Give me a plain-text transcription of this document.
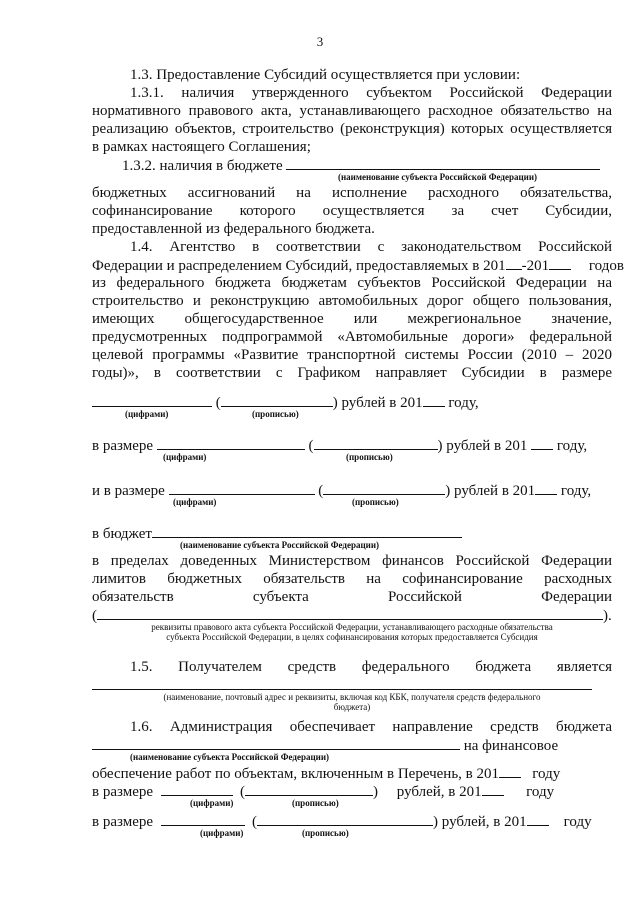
3
1.3. Предоставление Субсидий осуществляется при условии:
1.3.1. наличия утвержденного субъектом Российской Федерации
нормативного правового акта, устанавливающего расходное обязательство на
реализацию объектов, строительство (реконструкция) которых осуществляется
в рамках настоящего Соглашения;
1.3.2. наличия в бюджете
(наименование субъекта Российской Федерации)
бюджетных ассигнований на исполнение расходного обязательства,
софинансирование которого осуществляется за счет Субсидии,
предоставленной из федерального бюджета.
1.4. Агентство в соответствии с законодательством Российской
Федерации и распределением Субсидий, предоставляемых в 201 -201	годов
из федерального бюджета бюджетам субъектов Российской Федерации на
строительство и реконструкцию автомобильных дорог общего пользования,
имеющих общегосударственное или межрегиональное значение,
предусмотренных подпрограммой «Автомобильные дороги» федеральной
целевой программы «Развитие транспортной системы России (2010 – 2020
годы)», в соответствии с Графиком направляет Субсидии в размере
(	) рублей в 201 году,
(цифрами)	(прописью)
в размере	(	) рублей в 201 году,
(цифрами)	(прописью)
и в размере	(	) рублей в 201 году,
(цифрами)	(прописью)
в бюджет
(наименование субъекта Российской Федерации)
в пределах доведенных Министерством финансов Российской Федерации
лимитов бюджетных обязательств на софинансирование расходных
обязательств субъекта Российской Федерации
(	).
реквизиты правового акта субъекта Российской Федерации, устанавливающего расходные обязательства
субъекта Российской Федерации, в целях софинансирования которых предоставляется Субсидия
1.5. Получателем средств федерального бюджета является
(наименование, почтовый адрес и реквизиты, включая код КБК, получателя средств федерального
бюджета)
1.6. Администрация обеспечивает направление средств бюджета
на финансовое
(наименование субъекта Российской Федерации)
обеспечение работ по объектам, включенным в Перечень, в 201 году
в размере	(	)     рублей, в 201	году
(цифрами)	(прописью)
в размере	(	) рублей, в 201 году
(цифрами)	(прописью)
